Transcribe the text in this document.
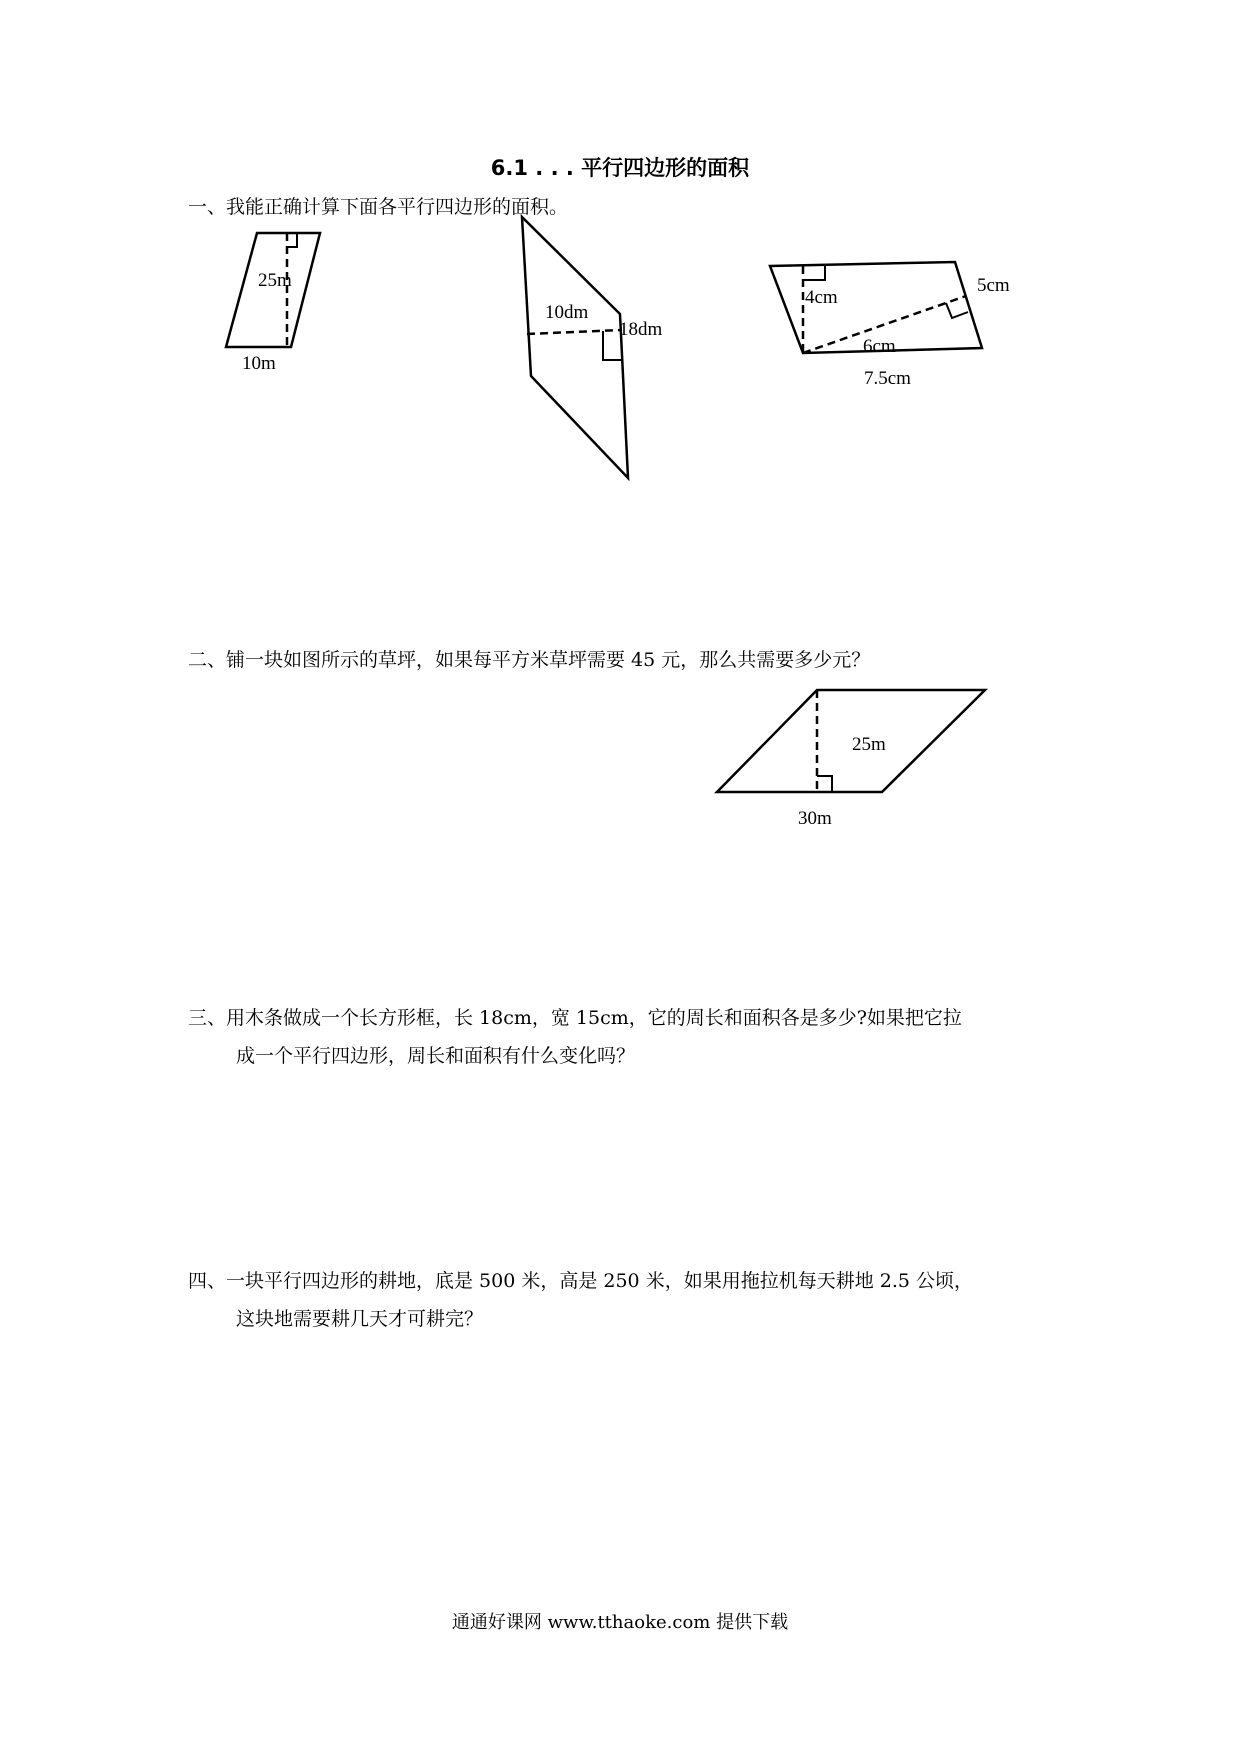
6.1 . . . 平行四边形的面积
一、我能正确计算下面各平行四边形的面积。
25m
10m
10dm
18dm
4cm
5cm
6cm
7.5cm
25m
30m
二、铺一块如图所示的草坪，如果每平方米草坪需要 45 元，那么共需要多少元？
三、用木条做成一个长方形框，长 18cm，宽 15cm，它的周长和面积各是多少?如果把它拉
成一个平行四边形，周长和面积有什么变化吗？
四、一块平行四边形的耕地，底是 500 米，高是 250 米，如果用拖拉机每天耕地 2.5 公顷，
这块地需要耕几天才可耕完？
通通好课网 www.tthaoke.com 提供下载
